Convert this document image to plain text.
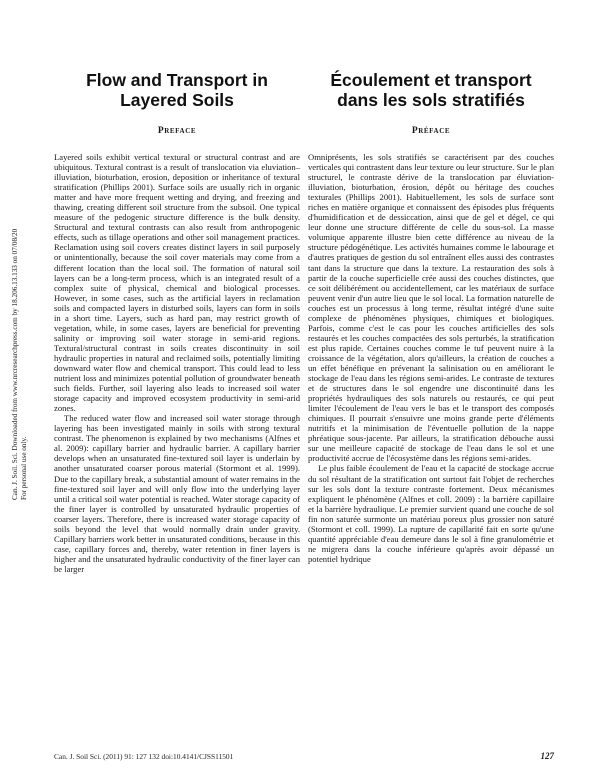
Can. J. Soil. Sci. Downloaded from www.nrcresearchpress.com by 18.206.13.133 on 07/08/20 For personal use only.
Flow and Transport in
Layered Soils
Preface

Layered soils exhibit vertical textural or structural contrast and are ubiquitous. Textural contrast is a result of translocation via eluviation–illuviation, bioturbation, erosion, deposition or inheritance of textural stratification (Phillips 2001). Surface soils are usually rich in organic matter and have more frequent wetting and drying, and freezing and thawing, creating different soil structure from the subsoil. One typical measure of the pedogenic structure difference is the bulk density. Structural and textural contrasts can also result from anthropogenic effects, such as tillage operations and other soil management practices. Reclamation using soil covers creates distinct layers in soil purposely or unintentionally, because the soil cover materials may come from a different location than the local soil. The formation of natural soil layers can be a long-term process, which is an integrated result of a complex suite of physical, chemical and biological processes. However, in some cases, such as the artificial layers in reclamation soils and compacted layers in disturbed soils, layers can form in soils in a short time. Layers, such as hard pan, may restrict growth of vegetation, while, in some cases, layers are beneficial for preventing salinity or improving soil water storage in semi-arid regions. Textural/structural contrast in soils creates discontinuity in soil hydraulic properties in natural and reclaimed soils, potentially limiting downward water flow and chemical transport. This could lead to less nutrient loss and minimizes potential pollution of groundwater beneath such fields. Further, soil layering also leads to increased soil water storage capacity and improved ecosystem productivity in semi-arid zones.

The reduced water flow and increased soil water storage through layering has been investigated mainly in soils with strong textural contrast. The phenomenon is explained by two mechanisms (Alfnes et al. 2009): capillary barrier and hydraulic barrier. A capillary barrier develops when an unsaturated fine-textured soil layer is underlain by another unsaturated coarser porous material (Stormont et al. 1999). Due to the capillary break, a substantial amount of water remains in the fine-textured soil layer and will only flow into the underlying layer until a critical soil water potential is reached. Water storage capacity of the finer layer is controlled by unsaturated hydraulic properties of coarser layers. Therefore, there is increased water storage capacity of soils beyond the level that would normally drain under gravity. Capillary barriers work better in unsaturated conditions, because in this case, capillary forces and, thereby, water retention in finer layers is higher and the unsaturated hydraulic conductivity of the finer layer can be larger

Écoulement et transport
dans les sols stratifiés
Préface

Omniprésents, les sols stratifiés se caractérisent par des couches verticales qui contrastent dans leur texture ou leur structure. Sur le plan structurel, le contraste dérive de la translocation par éluviation-illuviation, bioturbation, érosion, dépôt ou héritage des couches texturales (Phillips 2001). Habituellement, les sols de surface sont riches en matière organique et connaissent des épisodes plus fréquents d'humidification et de dessiccation, ainsi que de gel et dégel, ce qui leur donne une structure différente de celle du sous-sol. La masse volumique apparente illustre bien cette différence au niveau de la structure pédogénétique. Les activités humaines comme le labourage et d'autres pratiques de gestion du sol entraînent elles aussi des contrastes tant dans la structure que dans la texture. La restauration des sols à partir de la couche superficielle crée aussi des couches distinctes, que ce soit délibérément ou accidentellement, car les matériaux de surface peuvent venir d'un autre lieu que le sol local. La formation naturelle de couches est un processus à long terme, résultat intégré d'une suite complexe de phénomènes physiques, chimiques et biologiques. Parfois, comme c'est le cas pour les couches artificielles des sols restaurés et les couches compactées des sols perturbés, la stratification est plus rapide. Certaines couches comme le tuf peuvent nuire à la croissance de la végétation, alors qu'ailleurs, la création de couches a un effet bénéfique en prévenant la salinisation ou en améliorant le stockage de l'eau dans les régions semi-arides. Le contraste de textures et de structures dans le sol engendre une discontinuité dans les propriétés hydrauliques des sols naturels ou restaurés, ce qui peut limiter l'écoulement de l'eau vers le bas et le transport des composés chimiques. Il pourrait s'ensuivre une moins grande perte d'éléments nutritifs et la minimisation de l'éventuelle pollution de la nappe phréatique sous-jacente. Par ailleurs, la stratification débouche aussi sur une meilleure capacité de stockage de l'eau dans le sol et une productivité accrue de l'écosystème dans les régions semi-arides.

Le plus faible écoulement de l'eau et la capacité de stockage accrue du sol résultant de la stratification ont surtout fait l'objet de recherches sur les sols dont la texture contraste fortement. Deux mécanismes expliquent le phénomène (Alfnes et coll. 2009) : la barrière capillaire et la barrière hydraulique. Le premier survient quand une couche de sol fin non saturée surmonte un matériau poreux plus grossier non saturé (Stormont et coll. 1999). La rupture de capillarité fait en sorte qu'une quantité appréciable d'eau demeure dans le sol à fine granulométrie et ne migrera dans la couche inférieure qu'après avoir dépassé un potentiel hydrique

Can. J. Soil Sci. (2011) 91: 127 132 doi:10.4141/CJSS11501	127
